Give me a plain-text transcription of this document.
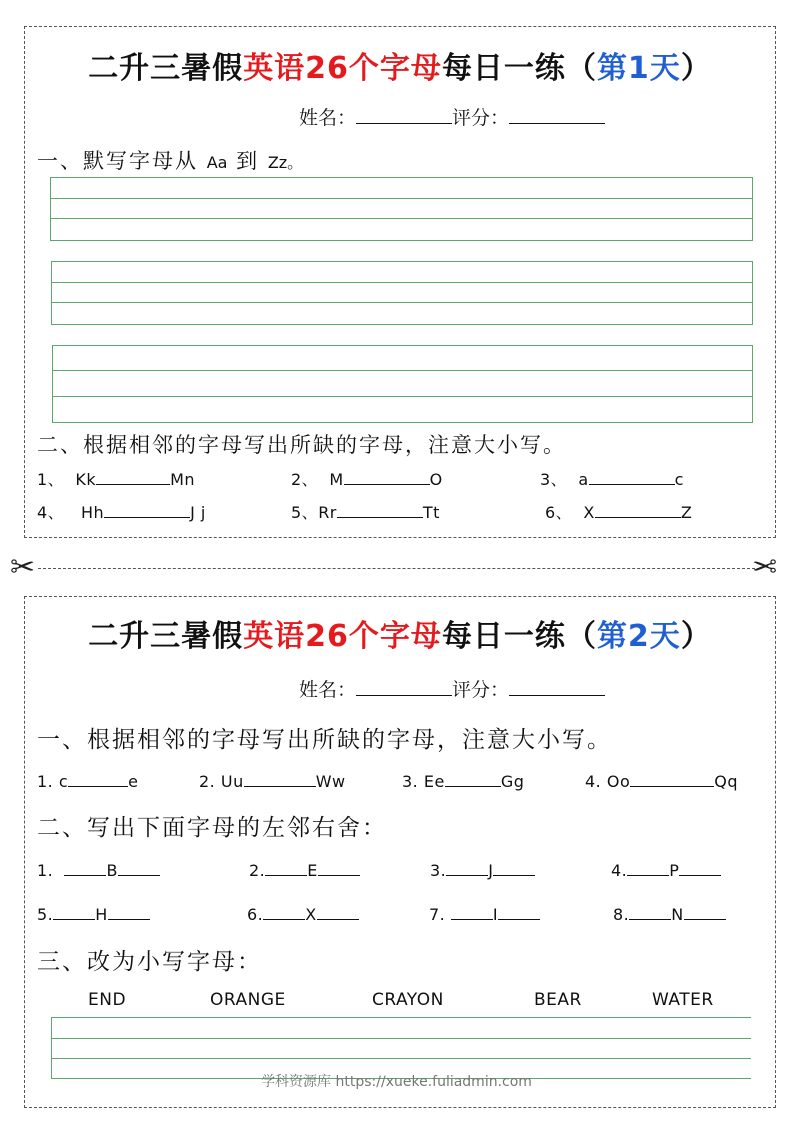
二升三暑假英语26个字母每日一练（第1天）
姓名：	评分：
一、默写字母从 Aa 到 Zz。
二、根据相邻的字母写出所缺的字母，注意大小写。
1、 Kk	Mn	2、 M	O	3、 a	c
4、 Hh	J j	5、Rr	Tt	6、 X	Z
✂	✂
二升三暑假英语26个字母每日一练（第2天）
姓名：	评分：
一、根据相邻的字母写出所缺的字母，注意大小写。
1. c	e	2. Uu	Ww	3. Ee	Gg	4. Oo	Qq
二、写出下面字母的左邻右舍：
1.	B	2.	E	3.	J	4.	P
5.	H	6.	X	7.	I	8.	N
三、改为小写字母：
END	ORANGE	CRAYON	BEAR	WATER
学科资源库 https://xueke.fuliadmin.com
